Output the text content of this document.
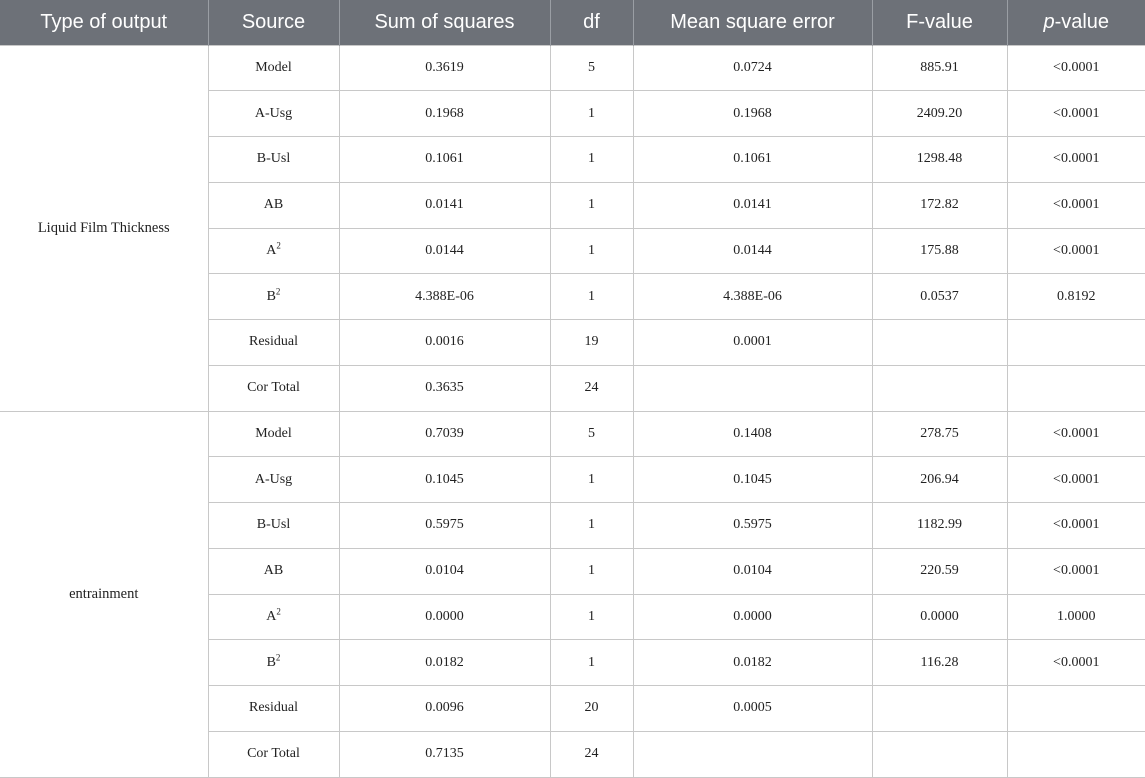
Type of output	Source	Sum of squares	df	Mean square error	F-value	p-value
Liquid Film Thickness	Model	0.3619	5	0.0724	885.91	<0.0001
	A-Usg	0.1968	1	0.1968	2409.20	<0.0001
	B-Usl	0.1061	1	0.1061	1298.48	<0.0001
	AB	0.0141	1	0.0141	172.82	<0.0001
	$A^2$	0.0144	1	0.0144	175.88	<0.0001
	$B^2$	4.388E-06	1	4.388E-06	0.0537	0.8192
	Residual	0.0016	19	0.0001		
	Cor Total	0.3635	24			
entrainment	Model	0.7039	5	0.1408	278.75	<0.0001
	A-Usg	0.1045	1	0.1045	206.94	<0.0001
	B-Usl	0.5975	1	0.5975	1182.99	<0.0001
	AB	0.0104	1	0.0104	220.59	<0.0001
	$A^2$	0.0000	1	0.0000	0.0000	1.0000
	$B^2$	0.0182	1	0.0182	116.28	<0.0001
	Residual	0.0096	20	0.0005		
	Cor Total	0.7135	24			
